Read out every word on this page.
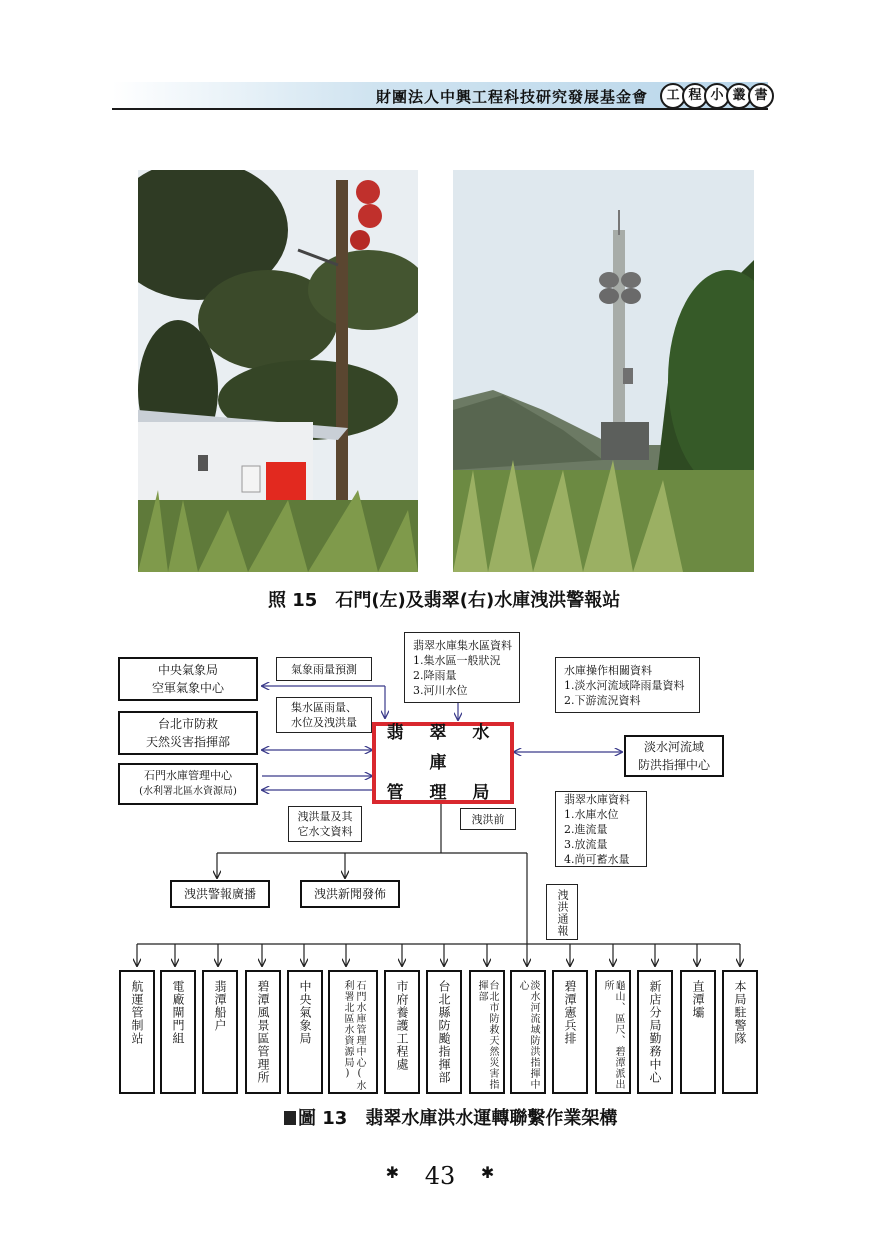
財團法人中興工程科技研究發展基金會	工 程 小 叢 書
照 15　石門(左)及翡翠(右)水庫洩洪警報站
翡翠水庫集水區資料
1.集水區一般狀況
2.降雨量
3.河川水位
水庫操作相關資料
1.淡水河流域降雨量資料
2.下游流況資料
中央氣象局
空軍氣象中心
台北市防救
天然災害指揮部
石門水庫管理中心
(水利署北區水資源局)
氣象雨量預測
集水區雨量、
水位及洩洪量
翡 翠 水 庫
管 理 局
淡水河流域
防洪指揮中心
翡翠水庫資料
1.水庫水位
2.進流量
3.放流量
4.尚可蓄水量
洩洪量及其
它水文資料
洩洪前
洩洪警報廣播	洩洪新聞發佈	洩洪通報
航運管制站 電廠閘門組 翡潭船户 碧潭風景區管理所 中央氣象局	石門水庫管理中心(水利署北區水資源局)	市府養護工程處 台北縣防颱指揮部	台北市防救天然災害指揮部	淡水河流域防洪指揮中心	碧潭憲兵排	龜山、區尺、碧潭派出所	新店分局勤務中心 直潭壩 本局駐警隊
圖 13　翡翠水庫洪水運轉聯繫作業架構
✱ 43 ✱
